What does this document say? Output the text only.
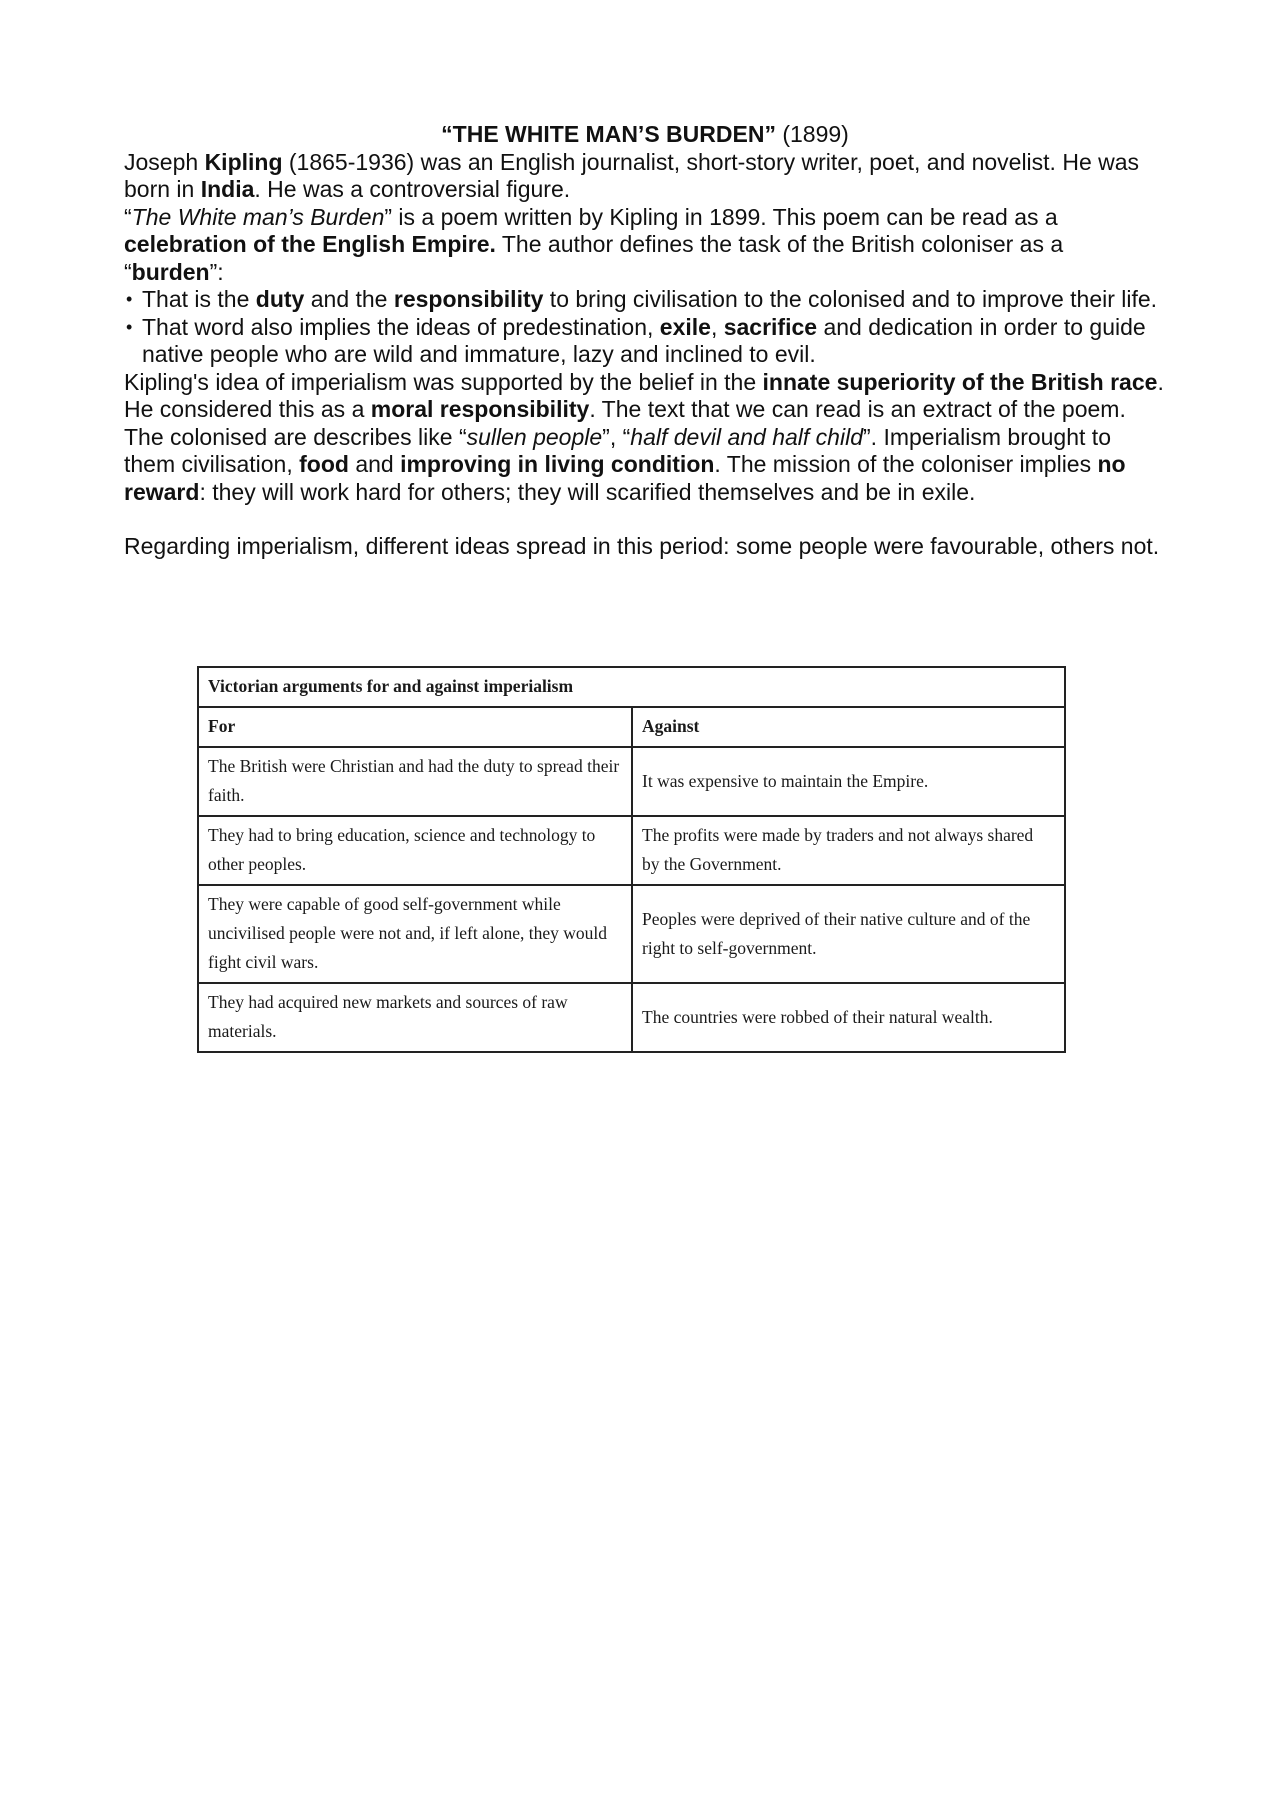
“THE WHITE MAN’S BURDEN” (1899)

Joseph Kipling (1865-1936) was an English journalist, short-story writer, poet, and novelist. He was born in India. He was a controversial figure.

“The White man’s Burden” is a poem written by Kipling in 1899. This poem can be read as a celebration of the English Empire. The author defines the task of the British coloniser as a “burden”:

• That is the duty and the responsibility to bring civilisation to the colonised and to improve their life.
• That word also implies the ideas of predestination, exile, sacrifice and dedication in order to guide native people who are wild and immature, lazy and inclined to evil.

Kipling's idea of imperialism was supported by the belief in the innate superiority of the British race. He considered this as a moral responsibility. The text that we can read is an extract of the poem.

The colonised are describes like “sullen people”, “half devil and half child”. Imperialism brought to them civilisation, food and improving in living condition. The mission of the coloniser implies no reward: they will work hard for others; they will scarified themselves and be in exile.

Regarding imperialism, different ideas spread in this period: some people were favourable, others not.

Victorian arguments for and against imperialism	
For	Against
The British were Christian and had the duty to spread their faith.	It was expensive to maintain the Empire.
They had to bring education, science and technology to other peoples.	The profits were made by traders and not always shared by the Government.
They were capable of good self-government while uncivilised people were not and, if left alone, they would fight civil wars.	Peoples were deprived of their native culture and of the right to self-government.
They had acquired new markets and sources of raw materials.	The countries were robbed of their natural wealth.
